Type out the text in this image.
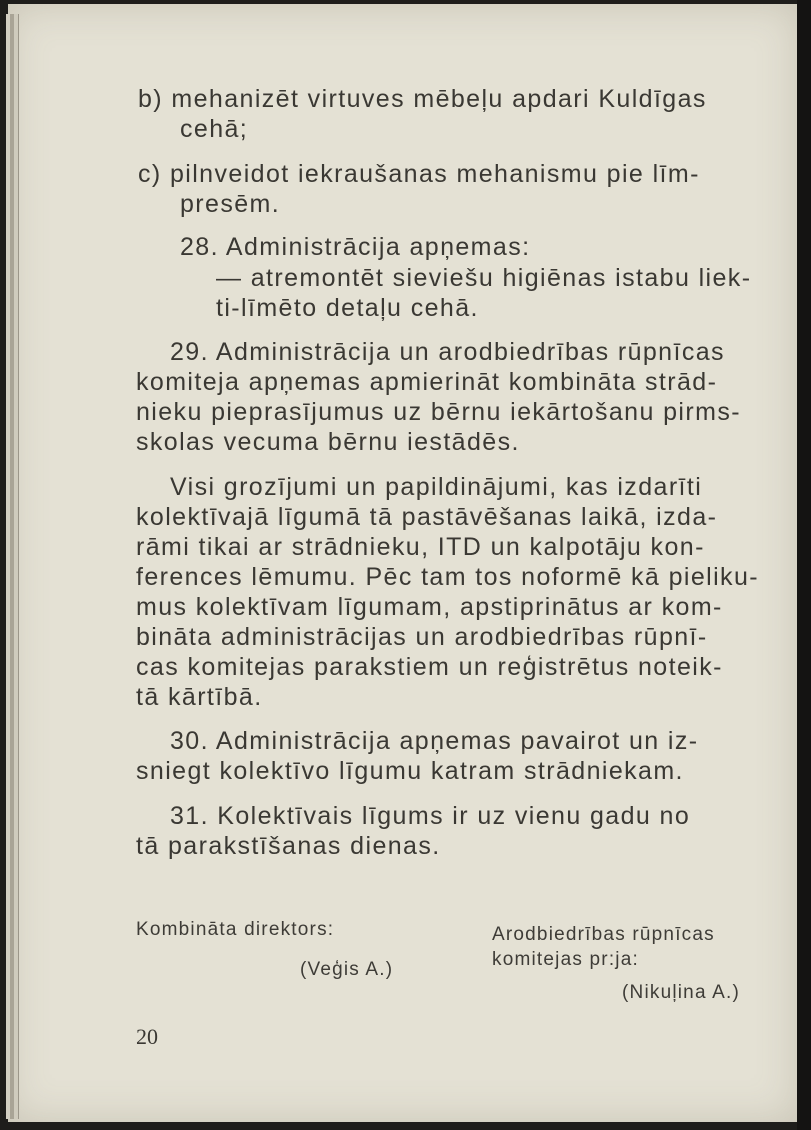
b) mehanizēt virtuves mēbeļu apdari Kuldīgas
cehā;
c) pilnveidot iekraušanas mehanismu pie līm-
presēm.
28. Administrācija apņemas:
— atremontēt sieviešu higiēnas istabu liek-
ti-līmēto detaļu cehā.
29. Administrācija un arodbiedrības rūpnīcas
komiteja apņemas apmierināt kombināta strād-
nieku pieprasījumus uz bērnu iekārtošanu pirms-
skolas vecuma bērnu iestādēs.
Visi grozījumi un papildinājumi, kas izdarīti
kolektīvajā līgumā tā pastāvēšanas laikā, izda-
rāmi tikai ar strādnieku, ITD un kalpotāju kon-
ferences lēmumu. Pēc tam tos noformē kā pieliku-
mus kolektīvam līgumam, apstiprinātus ar kom-
bināta administrācijas un arodbiedrības rūpnī-
cas komitejas parakstiem un reģistrētus noteik-
tā kārtībā.
30. Administrācija apņemas pavairot un iz-
sniegt kolektīvo līgumu katram strādniekam.
31. Kolektīvais līgums ir uz vienu gadu no
tā parakstīšanas dienas.
Kombināta direktors:
(Veģis A.)
Arodbiedrības rūpnīcas
komitejas pr:ja:
(Nikuļina A.)
20
